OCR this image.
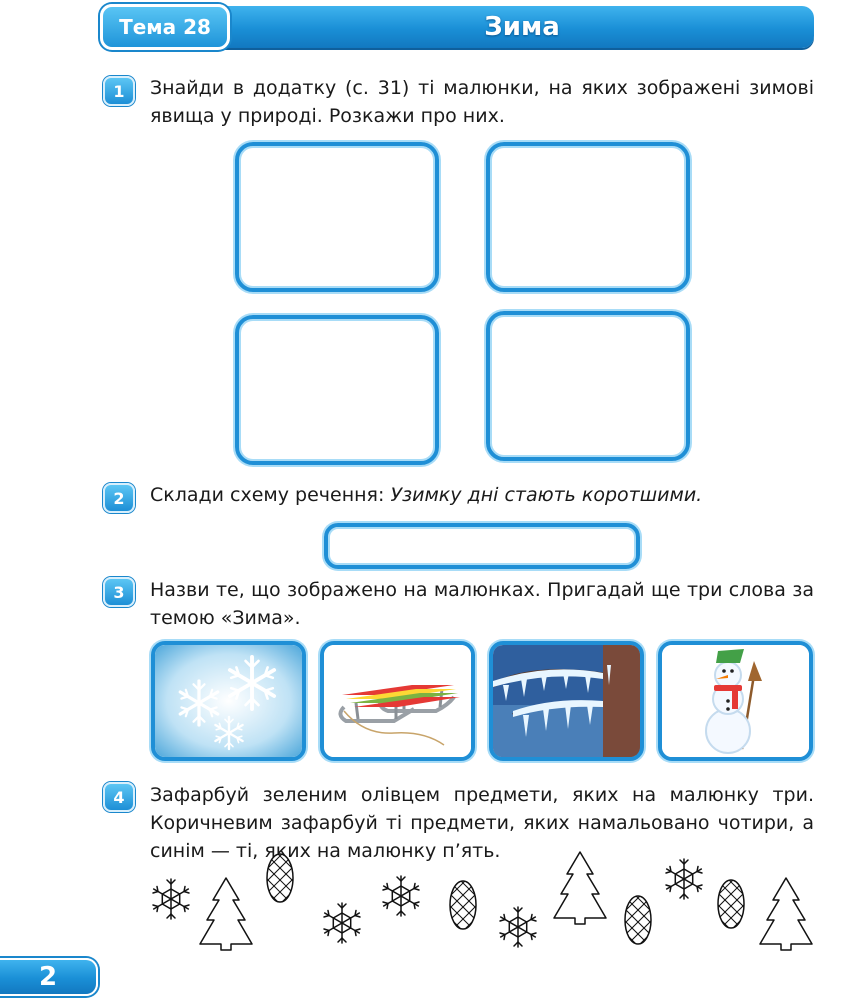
Тема 28	Зима
1	Знайди в додатку (с. 31) ті малюнки, на яких зображені зимові явища у природі. Розкажи про них.
2	Склади схему речення: Узимку дні стають коротшими.
3	Назви те, що зображено на малюнках. Пригадай ще три слова за темою «Зима».
4	Зафарбуй зеленим олівцем предмети, яких на малюнку три. Коричневим зафарбуй ті предмети, яких намальовано чотири, а синім — ті, яких на малюнку п’ять.
2
